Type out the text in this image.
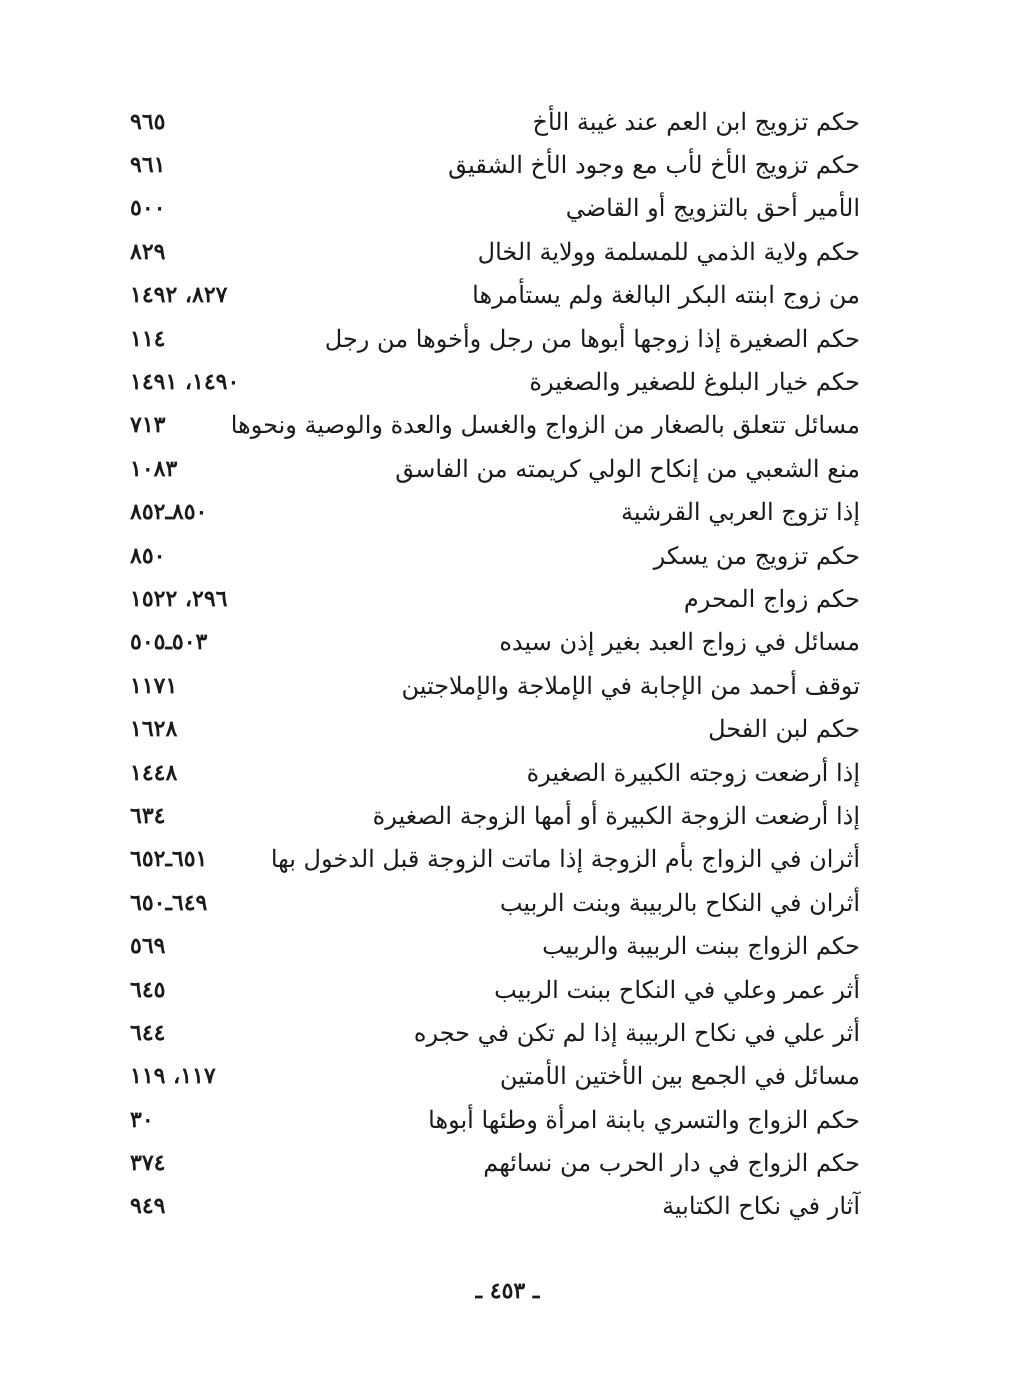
حكم تزويج ابن العم عند غيبة الأخ
٩٦٥
حكم تزويج الأخ لأب مع وجود الأخ الشقيق
٩٦١
الأمير أحق بالتزويج أو القاضي
٥٠٠
حكم ولاية الذمي للمسلمة وولاية الخال
٨٢٩
من زوج ابنته البكر البالغة ولم يستأمرها
٨٢٧، ١٤٩٢
حكم الصغيرة إذا زوجها أبوها من رجل وأخوها من رجل
١١٤
حكم خيار البلوغ للصغير والصغيرة
١٤٩٠، ١٤٩١
مسائل تتعلق بالصغار من الزواج والغسل والعدة والوصية ونحوها
٧١٣
منع الشعبي من إنكاح الولي كريمته من الفاسق
١٠٨٣
إذا تزوج العربي القرشية
٨٥٠ـ٨٥٢
حكم تزويج من يسكر
٨٥٠
حكم زواج المحرم
٢٩٦، ١٥٢٢
مسائل في زواج العبد بغير إذن سيده
٥٠٣ـ٥٠٥
توقف أحمد من الإجابة في الإملاجة والإملاجتين
١١٧١
حكم لبن الفحل
١٦٢٨
إذا أرضعت زوجته الكبيرة الصغيرة
١٤٤٨
إذا أرضعت الزوجة الكبيرة أو أمها الزوجة الصغيرة
٦٣٤
أثران في الزواج بأم الزوجة إذا ماتت الزوجة قبل الدخول بها
٦٥١ـ٦٥٢
أثران في النكاح بالربيبة وبنت الربيب
٦٤٩ـ٦٥٠
حكم الزواج ببنت الربيبة والربيب
٥٦٩
أثر عمر وعلي في النكاح ببنت الربيب
٦٤٥
أثر علي في نكاح الربيبة إذا لم تكن في حجره
٦٤٤
مسائل في الجمع بين الأختين الأمتين
١١٧، ١١٩
حكم الزواج والتسري بابنة امرأة وطئها أبوها
٣٠
حكم الزواج في دار الحرب من نسائهم
٣٧٤
آثار في نكاح الكتابية
٩٤٩
ـ ٤٥٣ ـ
